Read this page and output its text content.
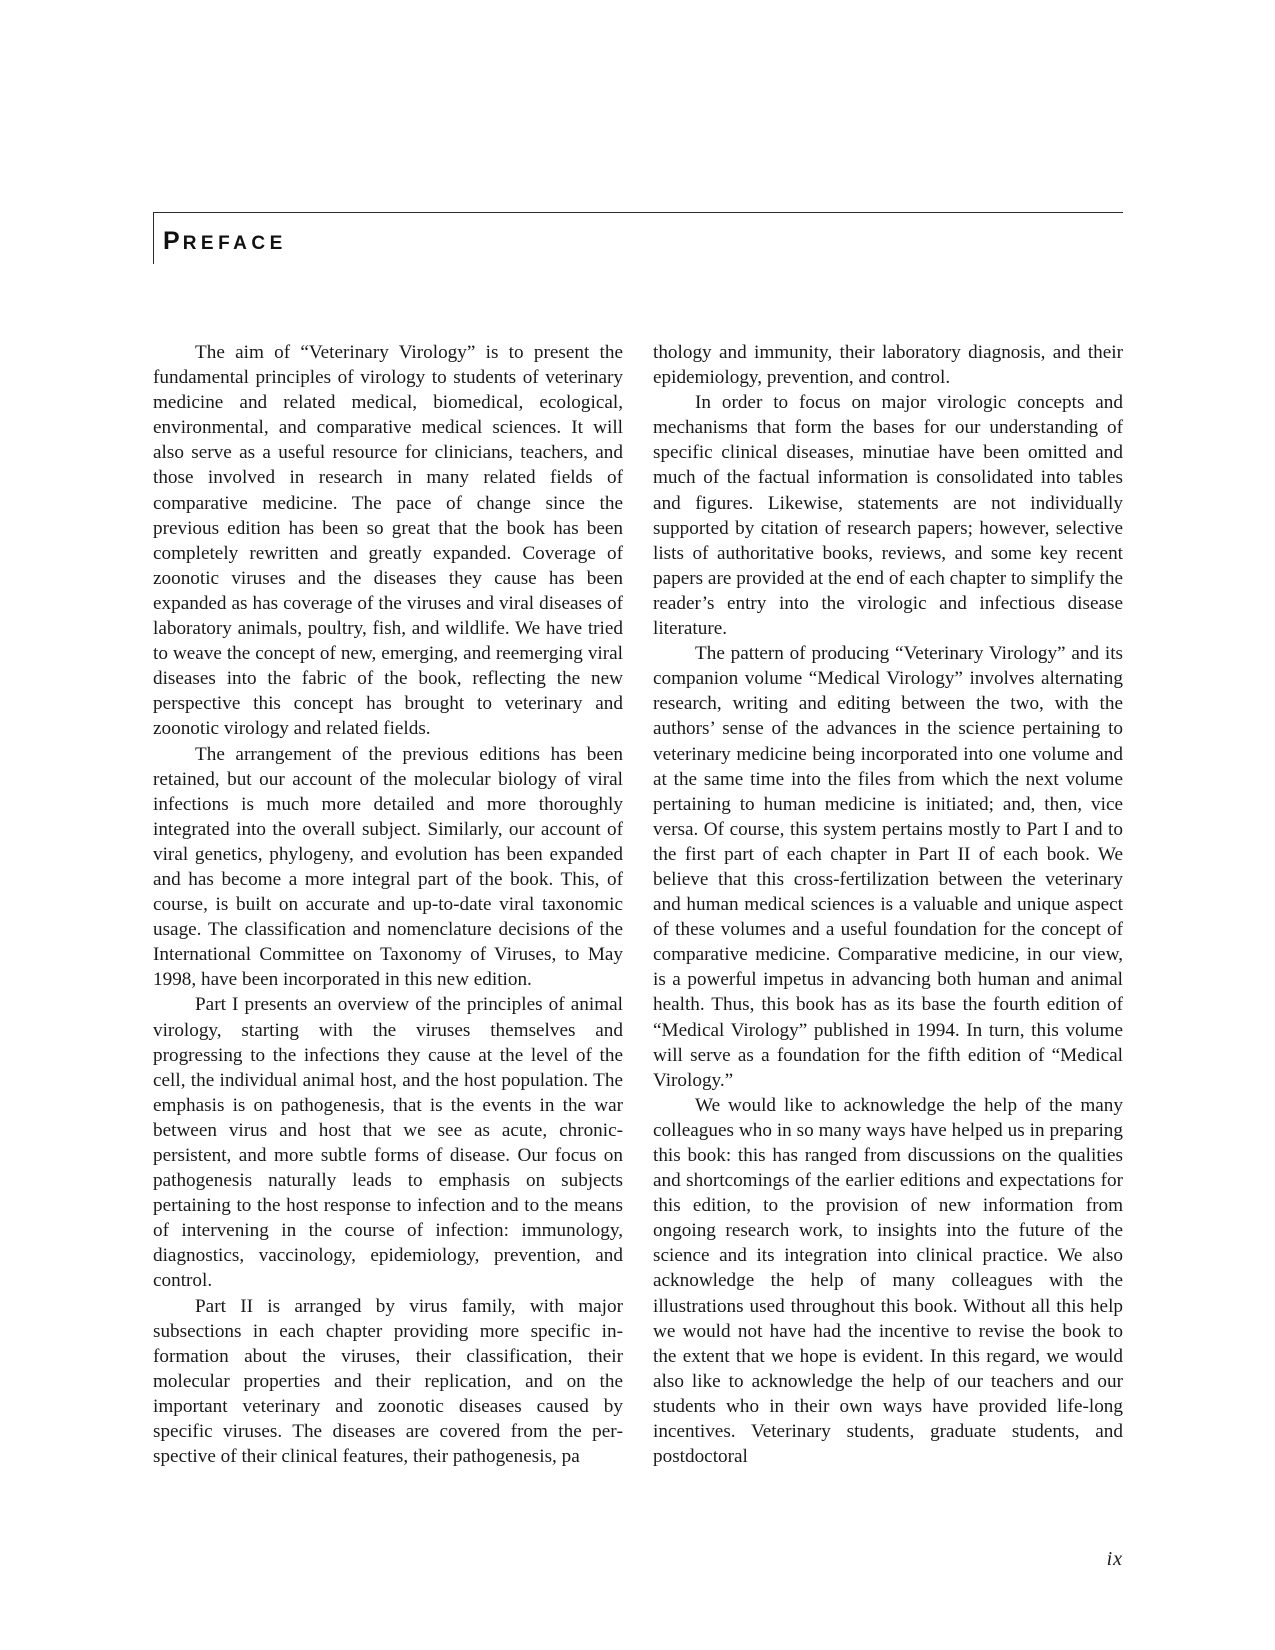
PREFACE

The aim of “Veterinary Virology” is to present the fundamental principles of virology to students of veterinary medicine and related medical, biomedical, ecological, environmental, and comparative medical sciences. It will also serve as a useful resource for clinicians, teachers, and those involved in research in many related fields of comparative medicine. The pace of change since the previous edition has been so great that the book has been completely rewritten and greatly expanded. Coverage of zoonotic viruses and the diseases they cause has been expanded as has coverage of the viruses and viral diseases of laboratory animals, poultry, fish, and wildlife. We have tried to weave the concept of new, emerging, and reemerging viral diseases into the fabric of the book, reflecting the new perspective this concept has brought to veterinary and zoonotic virology and related fields.

The arrangement of the previous editions has been retained, but our account of the molecular biology of viral infections is much more detailed and more thoroughly integrated into the overall subject. Similarly, our account of viral genetics, phylogeny, and evolution has been expanded and has become a more integral part of the book. This, of course, is built on accurate and up-to-date viral taxonomic usage. The classification and nomenclature decisions of the International Committee on Taxonomy of Viruses, to May 1998, have been incorporated in this new edition.

Part I presents an overview of the principles of animal virology, starting with the viruses themselves and progressing to the infections they cause at the level of the cell, the individual animal host, and the host population. The emphasis is on pathogenesis, that is the events in the war between virus and host that we see as acute, chronic-persistent, and more subtle forms of disease. Our focus on pathogenesis naturally leads to emphasis on subjects pertaining to the host response to infection and to the means of intervening in the course of infection: immunology, diagnostics, vaccinology, epidemiology, prevention, and control.

Part II is arranged by virus family, with major subsections in each chapter providing more specific information about the viruses, their classification, their molecular properties and their replication, and on the important veterinary and zoonotic diseases caused by specific viruses. The diseases are covered from the perspective of their clinical features, their pathogenesis, pa

thology and immunity, their laboratory diagnosis, and their epidemiology, prevention, and control.

In order to focus on major virologic concepts and mechanisms that form the bases for our understanding of specific clinical diseases, minutiae have been omitted and much of the factual information is consolidated into tables and figures. Likewise, statements are not individually supported by citation of research papers; however, selective lists of authoritative books, reviews, and some key recent papers are provided at the end of each chapter to simplify the reader’s entry into the virologic and infectious disease literature.

The pattern of producing “Veterinary Virology” and its companion volume “Medical Virology” involves alternating research, writing and editing between the two, with the authors’ sense of the advances in the science pertaining to veterinary medicine being incorporated into one volume and at the same time into the files from which the next volume pertaining to human medicine is initiated; and, then, vice versa. Of course, this system pertains mostly to Part I and to the first part of each chapter in Part II of each book. We believe that this cross-fertilization between the veterinary and human medical sciences is a valuable and unique aspect of these volumes and a useful foundation for the concept of comparative medicine. Comparative medicine, in our view, is a powerful impetus in advancing both human and animal health. Thus, this book has as its base the fourth edition of “Medical Virology” published in 1994. In turn, this volume will serve as a foundation for the fifth edition of “Medical Virology.”

We would like to acknowledge the help of the many colleagues who in so many ways have helped us in preparing this book: this has ranged from discussions on the qualities and shortcomings of the earlier editions and expectations for this edition, to the provision of new information from ongoing research work, to insights into the future of the science and its integration into clinical practice. We also acknowledge the help of many colleagues with the illustrations used throughout this book. Without all this help we would not have had the incentive to revise the book to the extent that we hope is evident. In this regard, we would also like to acknowledge the help of our teachers and our students who in their own ways have provided life-long incentives. Veterinary students, graduate students, and postdoctoral

ix
